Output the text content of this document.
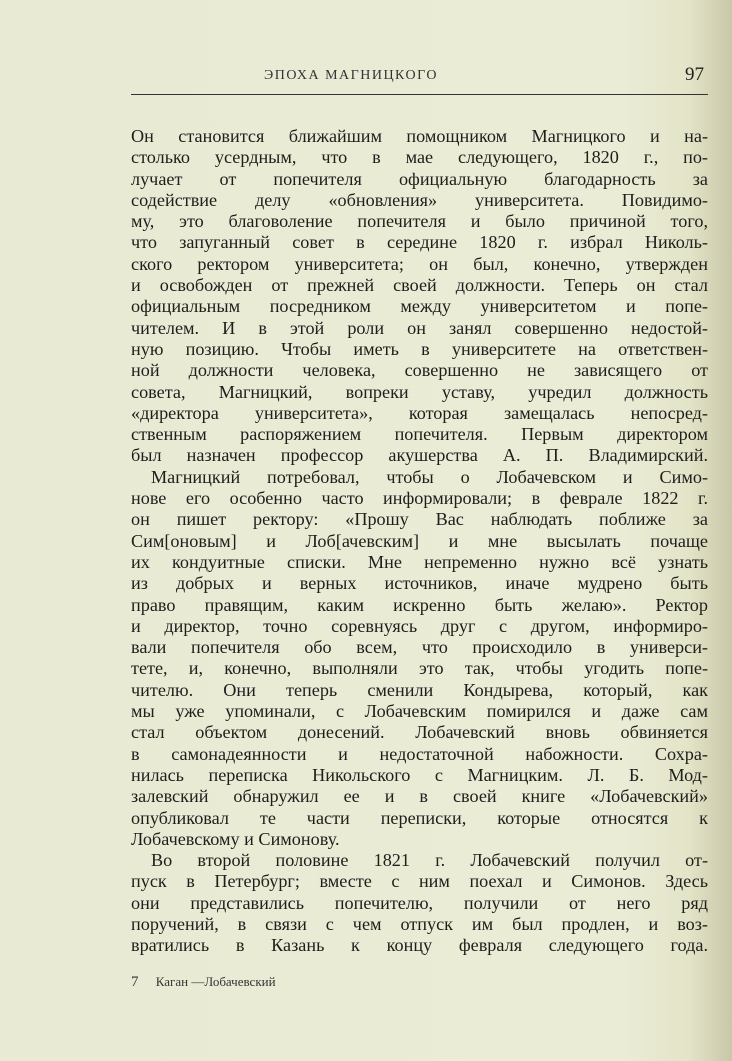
ЭПОХА МАГНИЦКОГО	97
Он становится ближайшим помощником Магницкого и на-
столько усердным, что в мае следующего, 1820 г., по-
лучает от попечителя официальную благодарность за
содействие делу «обновления» университета. Повидимо-
му, это благоволение попечителя и было причиной того,
что запуганный совет в середине 1820 г. избрал Николь-
ского ректором университета; он был, конечно, утвержден
и освобожден от прежней своей должности. Теперь он стал
официальным посредником между университетом и попе-
чителем. И в этой роли он занял совершенно недостой-
ную позицию. Чтобы иметь в университете на ответствен-
ной должности человека, совершенно не зависящего от
совета, Магницкий, вопреки уставу, учредил должность
«директора университета», которая замещалась непосред-
ственным распоряжением попечителя. Первым директором
был назначен профессор акушерства А. П. Владимирский.
Магницкий потребовал, чтобы о Лобачевском и Симо-
нове его особенно часто информировали; в феврале 1822 г.
он пишет ректору: «Прошу Вас наблюдать поближе за
Сим[оновым] и Лоб[ачевским] и мне высылать почаще
их кондуитные списки. Мне непременно нужно всё узнать
из добрых и верных источников, иначе мудрено быть
право правящим, каким искренно быть желаю». Ректор
и директор, точно соревнуясь друг с другом, информиро-
вали попечителя обо всем, что происходило в универси-
тете, и, конечно, выполняли это так, чтобы угодить попе-
чителю. Они теперь сменили Кондырева, который, как
мы уже упоминали, с Лобачевским помирился и даже сам
стал объектом донесений. Лобачевский вновь обвиняется
в самонадеянности и недостаточной набожности. Сохра-
нилась переписка Никольского с Магницким. Л. Б. Мод-
залевский обнаружил ее и в своей книге «Лобачевский»
опубликовал те части переписки, которые относятся к
Лобачевскому и Симонову.
Во второй половине 1821 г. Лобачевский получил от-
пуск в Петербург; вместе с ним поехал и Симонов. Здесь
они представились попечителю, получили от него ряд
поручений, в связи с чем отпуск им был продлен, и воз-
вратились в Казань к концу февраля следующего года.
7 Каган —Лобачевский
